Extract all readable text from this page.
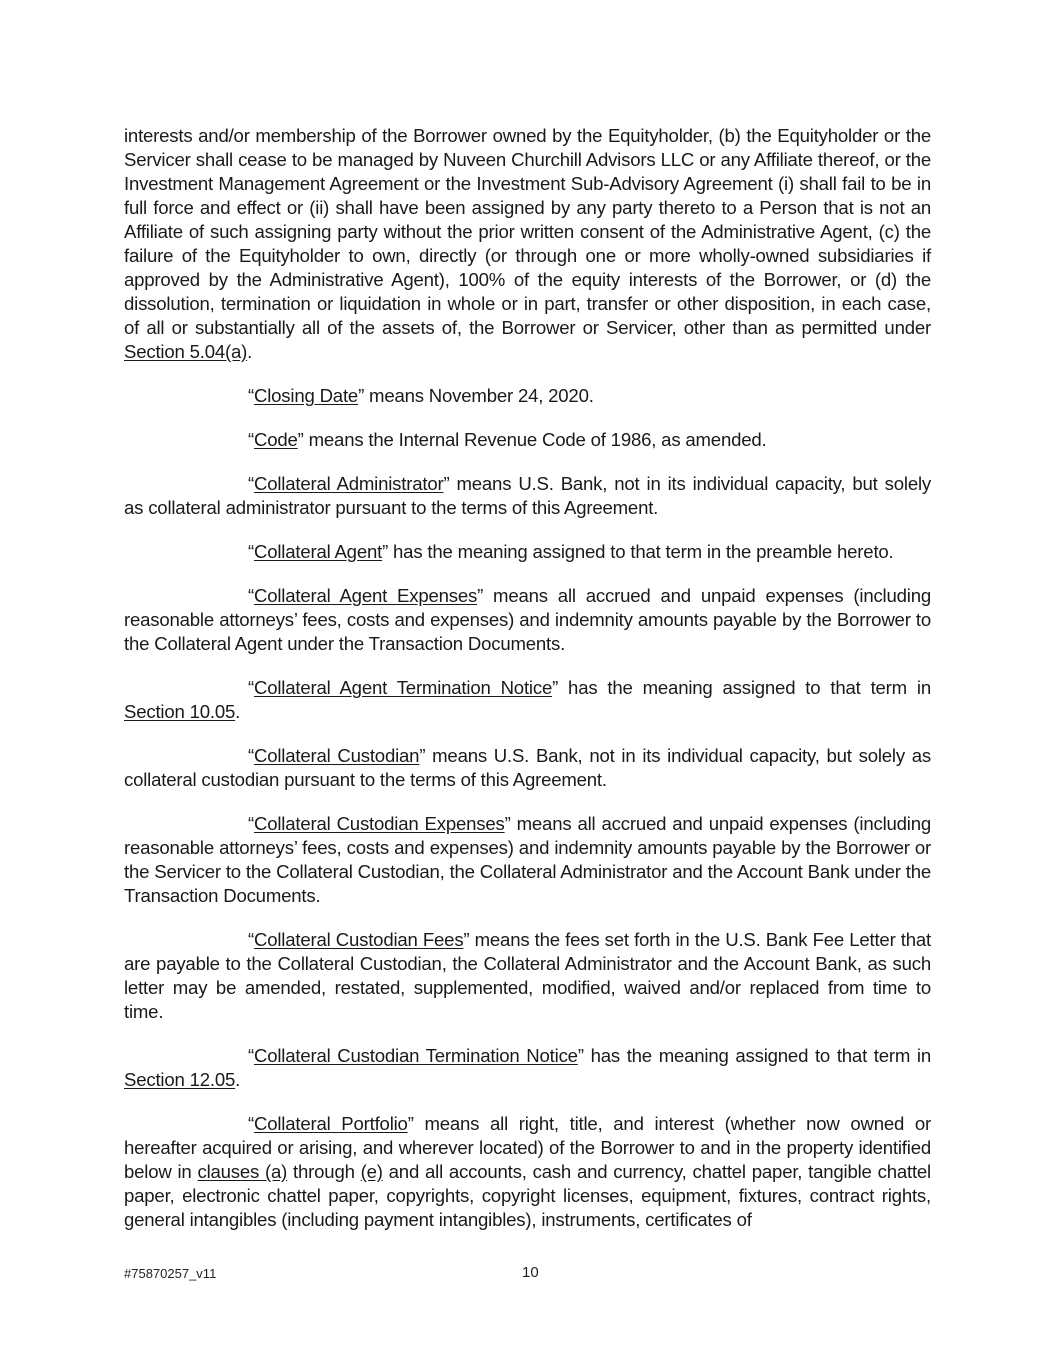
interests and/or membership of the Borrower owned by the Equityholder, (b) the Equityholder or the Servicer shall cease to be managed by Nuveen Churchill Advisors LLC or any Affiliate thereof, or the Investment Management Agreement or the Investment Sub-Advisory Agreement (i) shall fail to be in full force and effect or (ii) shall have been assigned by any party thereto to a Person that is not an Affiliate of such assigning party without the prior written consent of the Administrative Agent, (c) the failure of the Equityholder to own, directly (or through one or more wholly-owned subsidiaries if approved by the Administrative Agent), 100% of the equity interests of the Borrower, or (d) the dissolution, termination or liquidation in whole or in part, transfer or other disposition, in each case, of all or substantially all of the assets of, the Borrower or Servicer, other than as permitted under Section 5.04(a).

“Closing Date” means November 24, 2020.

“Code” means the Internal Revenue Code of 1986, as amended.

“Collateral Administrator” means U.S. Bank, not in its individual capacity, but solely as collateral administrator pursuant to the terms of this Agreement.

“Collateral Agent” has the meaning assigned to that term in the preamble hereto.

“Collateral Agent Expenses” means all accrued and unpaid expenses (including reasonable attorneys’ fees, costs and expenses) and indemnity amounts payable by the Borrower to the Collateral Agent under the Transaction Documents.

“Collateral Agent Termination Notice” has the meaning assigned to that term in Section 10.05.

“Collateral Custodian” means U.S. Bank, not in its individual capacity, but solely as collateral custodian pursuant to the terms of this Agreement.

“Collateral Custodian Expenses” means all accrued and unpaid expenses (including reasonable attorneys’ fees, costs and expenses) and indemnity amounts payable by the Borrower or the Servicer to the Collateral Custodian, the Collateral Administrator and the Account Bank under the Transaction Documents.

“Collateral Custodian Fees” means the fees set forth in the U.S. Bank Fee Letter that are payable to the Collateral Custodian, the Collateral Administrator and the Account Bank, as such letter may be amended, restated, supplemented, modified, waived and/or replaced from time to time.

“Collateral Custodian Termination Notice” has the meaning assigned to that term in Section 12.05.

“Collateral Portfolio” means all right, title, and interest (whether now owned or hereafter acquired or arising, and wherever located) of the Borrower to and in the property identified below in clauses (a) through (e) and all accounts, cash and currency, chattel paper, tangible chattel paper, electronic chattel paper, copyrights, copyright licenses, equipment, fixtures, contract rights, general intangibles (including payment intangibles), instruments, certificates of

#75870257_v11	10
